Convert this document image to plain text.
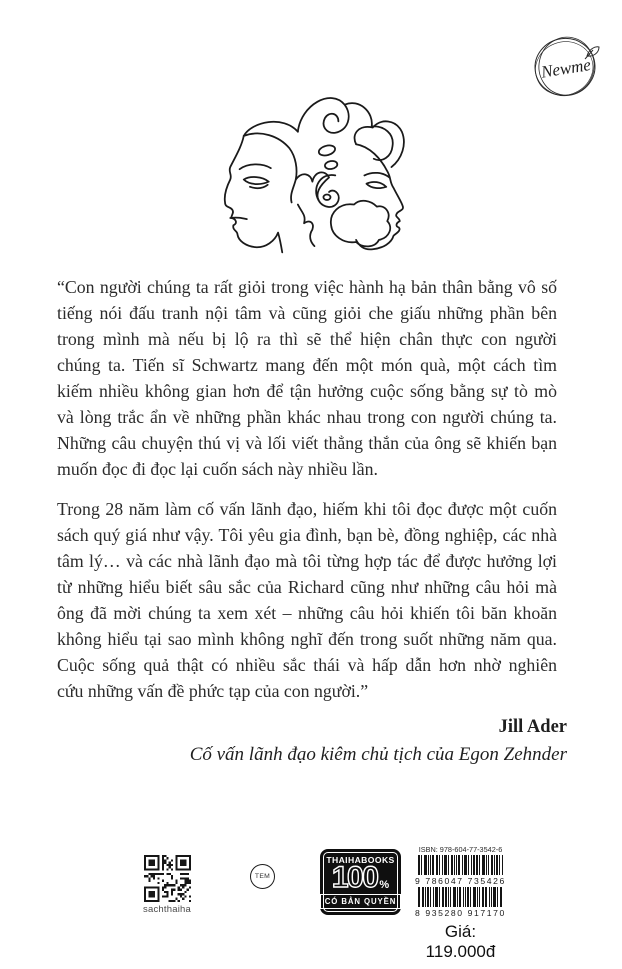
Newme
“Con người chúng ta rất giỏi trong việc hành hạ bản thân bằng vô số
tiếng nói đấu tranh nội tâm và cũng giỏi che giấu những phần bên
trong mình mà nếu bị lộ ra thì sẽ thể hiện chân thực con người
chúng ta. Tiến sĩ Schwartz mang đến một món quà, một cách tìm
kiếm nhiều không gian hơn để tận hưởng cuộc sống bằng sự tò mò
và lòng trắc ẩn về những phần khác nhau trong con người chúng ta.
Những câu chuyện thú vị và lối viết thẳng thắn của ông sẽ khiến bạn
muốn đọc đi đọc lại cuốn sách này nhiều lần.
Trong 28 năm làm cố vấn lãnh đạo, hiếm khi tôi đọc được một cuốn
sách quý giá như vậy. Tôi yêu gia đình, bạn bè, đồng nghiệp, các nhà
tâm lý… và các nhà lãnh đạo mà tôi từng hợp tác để được hưởng lợi
từ những hiểu biết sâu sắc của Richard cũng như những câu hỏi mà
ông đã mời chúng ta xem xét – những câu hỏi khiến tôi băn khoăn
không hiểu tại sao mình không nghĩ đến trong suốt những năm qua.
Cuộc sống quả thật có nhiều sắc thái và hấp dẫn hơn nhờ nghiên
cứu những vấn đề phức tạp của con người.”
Jill Ader
Cố vấn lãnh đạo kiêm chủ tịch của Egon Zehnder
sachthaiha
TEM
THAIHABOOKS
100 %
CÓ BẢN QUYỀN
ISBN: 978-604-77-3542-6
9 786047 735426
8 935280 917170
Giá: 119.000đ
